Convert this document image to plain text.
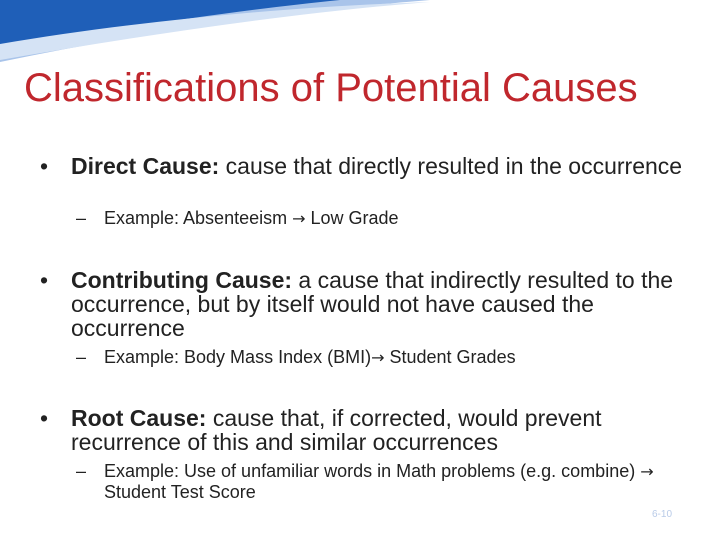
Classifications of Potential Causes
• Direct Cause: cause that directly resulted in the occurrence
– Example: Absenteeism → Low Grade
• Contributing Cause: a cause that indirectly resulted to the occurrence, but by itself would not have caused the occurrence
– Example: Body Mass Index (BMI)→ Student Grades
• Root Cause: cause that, if corrected, would prevent recurrence of this and similar occurrences
– Example: Use of unfamiliar words in Math problems (e.g. combine) → Student Test Score
6-10
